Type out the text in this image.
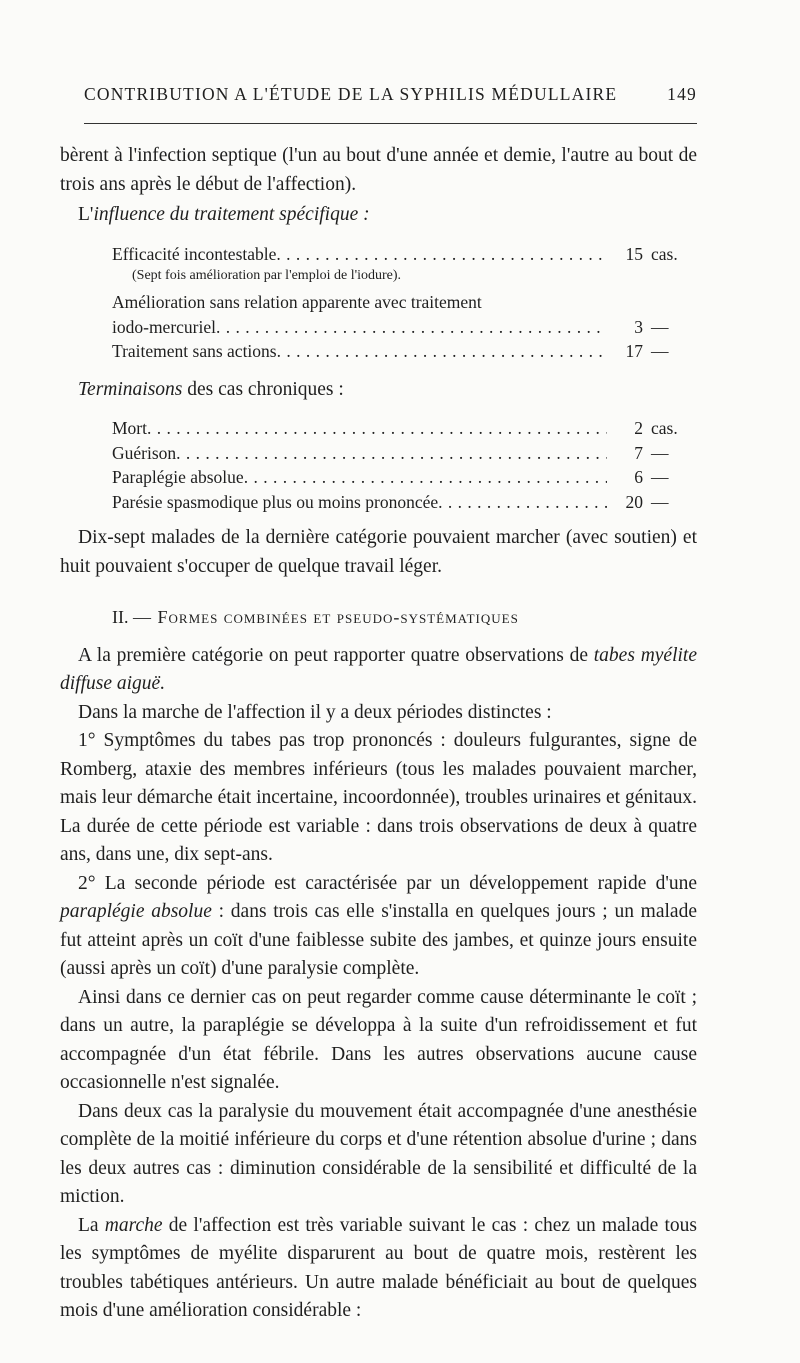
CONTRIBUTION A L'ÉTUDE DE LA SYPHILIS MÉDULLAIRE	149

bèrent à l'infection septique (l'un au bout d'une année et demie, l'autre au bout de trois ans après le début de l'affection).

L'influence du traitement spécifique :

Efficacité incontestable . . .	15 cas.
(Sept fois amélioration par l'emploi de l'iodure).
Amélioration sans relation apparente avec traitement
iodo-mercuriel . . .	3 —
Traitement sans actions . . .	17 —

Terminaisons des cas chroniques :

Mort . . .	2 cas.
Guérison . . .	7 —
Paraplégie absolue . . .	6 —
Parésie spasmodique plus ou moins prononcée . . .	20 —

Dix-sept malades de la dernière catégorie pouvaient marcher (avec soutien) et huit pouvaient s'occuper de quelque travail léger.

II. — Formes combinées et pseudo-systématiques

A la première catégorie on peut rapporter quatre observations de tabes myélite diffuse aiguë.

Dans la marche de l'affection il y a deux périodes distinctes :

1° Symptômes du tabes pas trop prononcés : douleurs fulgurantes, signe de Romberg, ataxie des membres inférieurs (tous les malades pouvaient marcher, mais leur démarche était incertaine, incoordonnée), troubles urinaires et génitaux. La durée de cette période est variable : dans trois observations de deux à quatre ans, dans une, dix sept-ans.

2° La seconde période est caractérisée par un développement rapide d'une paraplégie absolue : dans trois cas elle s'installa en quelques jours ; un malade fut atteint après un coït d'une faiblesse subite des jambes, et quinze jours ensuite (aussi après un coït) d'une paralysie complète.

Ainsi dans ce dernier cas on peut regarder comme cause déterminante le coït ; dans un autre, la paraplégie se développa à la suite d'un refroidissement et fut accompagnée d'un état fébrile. Dans les autres observations aucune cause occasionnelle n'est signalée.

Dans deux cas la paralysie du mouvement était accompagnée d'une anesthésie complète de la moitié inférieure du corps et d'une rétention absolue d'urine ; dans les deux autres cas : diminution considérable de la sensibilité et difficulté de la miction.

La marche de l'affection est très variable suivant le cas : chez un malade tous les symptômes de myélite disparurent au bout de quatre mois, restèrent les troubles tabétiques antérieurs. Un autre malade bénéficiait au bout de quelques mois d'une amélioration considérable :
